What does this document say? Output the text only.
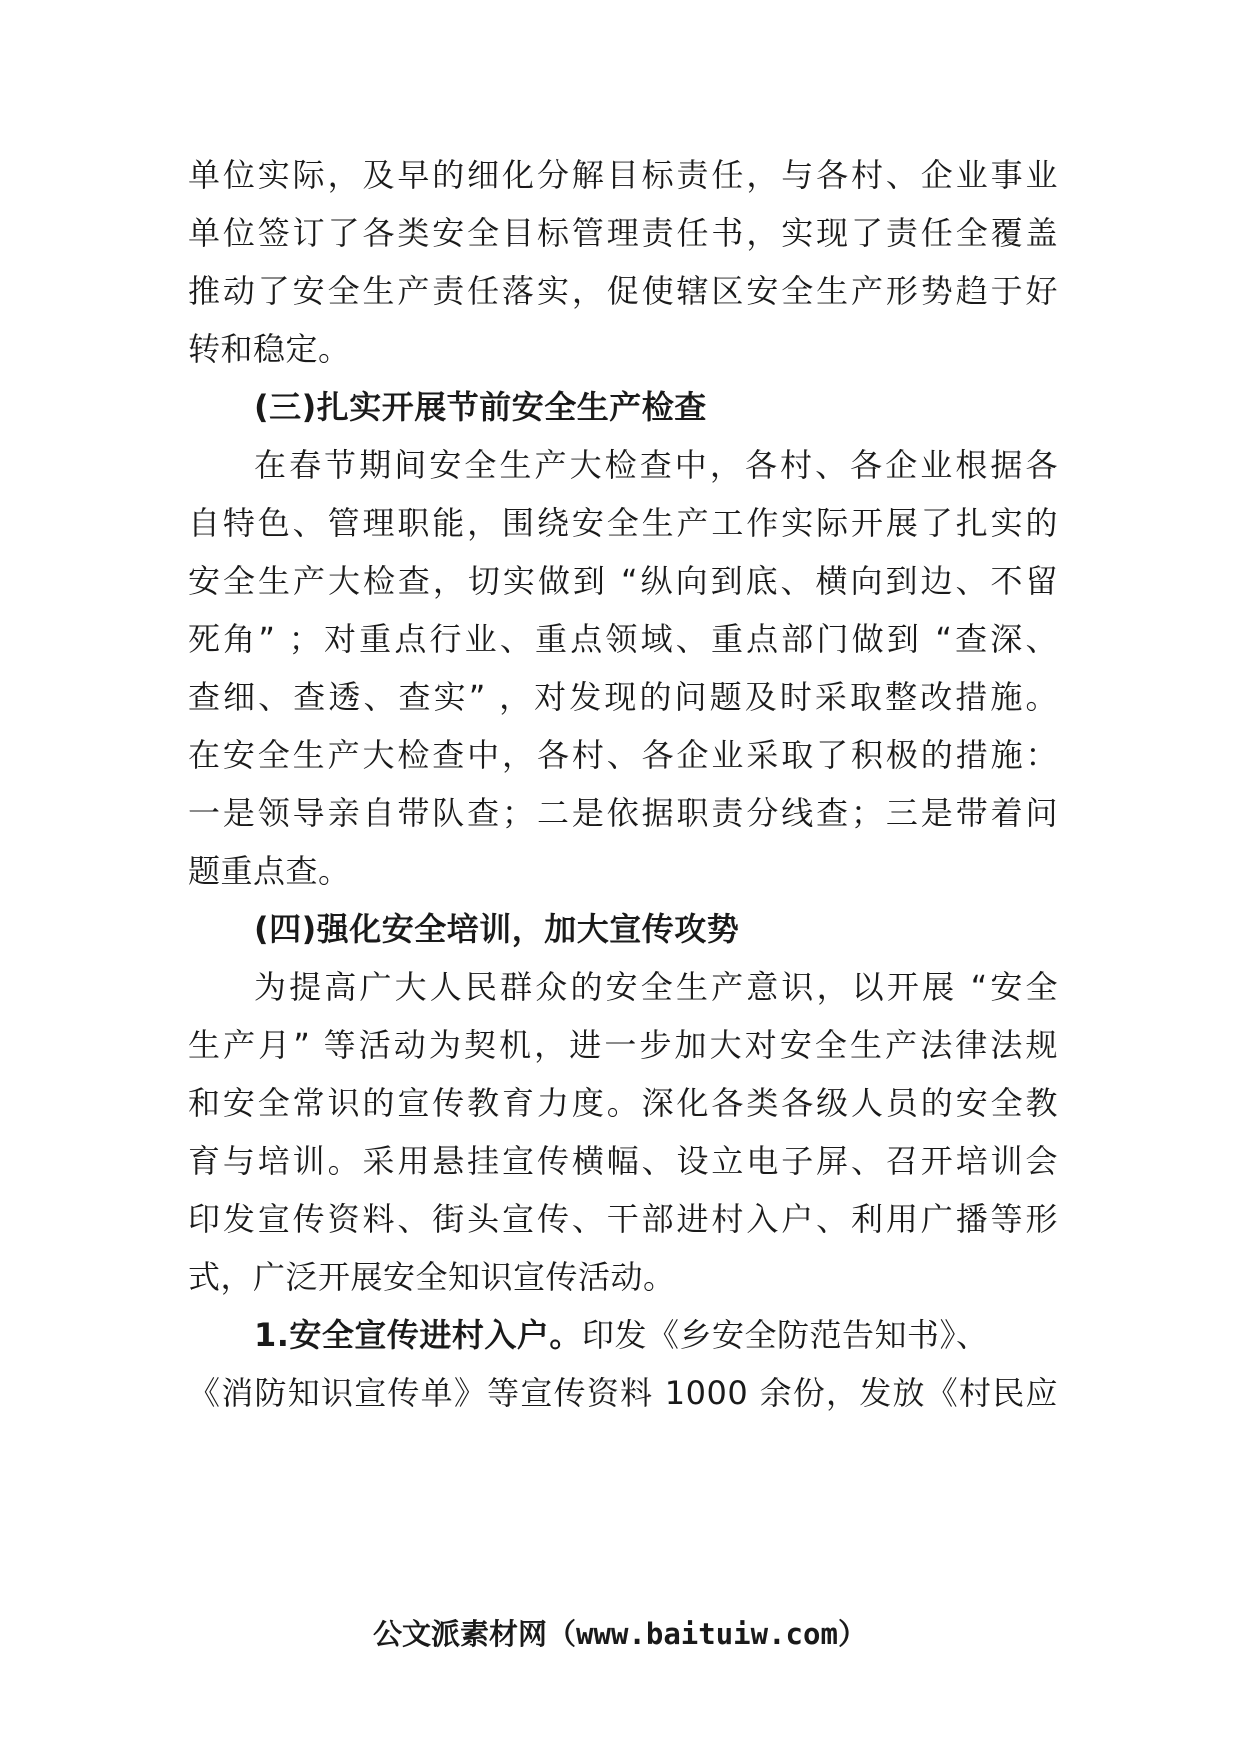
单位实际，及早的细化分解目标责任，与各村、企业事业
单位签订了各类安全目标管理责任书，实现了责任全覆盖
推动了安全生产责任落实，促使辖区安全生产形势趋于好
转和稳定。
(三)扎实开展节前安全生产检查
在春节期间安全生产大检查中，各村、各企业根据各
自特色、管理职能，围绕安全生产工作实际开展了扎实的
安全生产大检查，切实做到 “纵向到底、横向到边、不留
死角” ；对重点行业、重点领域、重点部门做到 “查深、
查细、查透、查实” ，对发现的问题及时采取整改措施。
在安全生产大检查中，各村、各企业采取了积极的措施：
一是领导亲自带队查；二是依据职责分线查；三是带着问
题重点查。
(四)强化安全培训，加大宣传攻势
为提高广大人民群众的安全生产意识，以开展 “安全
生产月” 等活动为契机，进一步加大对安全生产法律法规
和安全常识的宣传教育力度。深化各类各级人员的安全教
育与培训。采用悬挂宣传横幅、设立电子屏、召开培训会
印发宣传资料、街头宣传、干部进村入户、利用广播等形
式，广泛开展安全知识宣传活动。
1.安全宣传进村入户。印发《乡安全防范告知书》、
《消防知识宣传单》等宣传资料 1000 余份，发放《村民应
公文派素材网（www.baituiw.com）
